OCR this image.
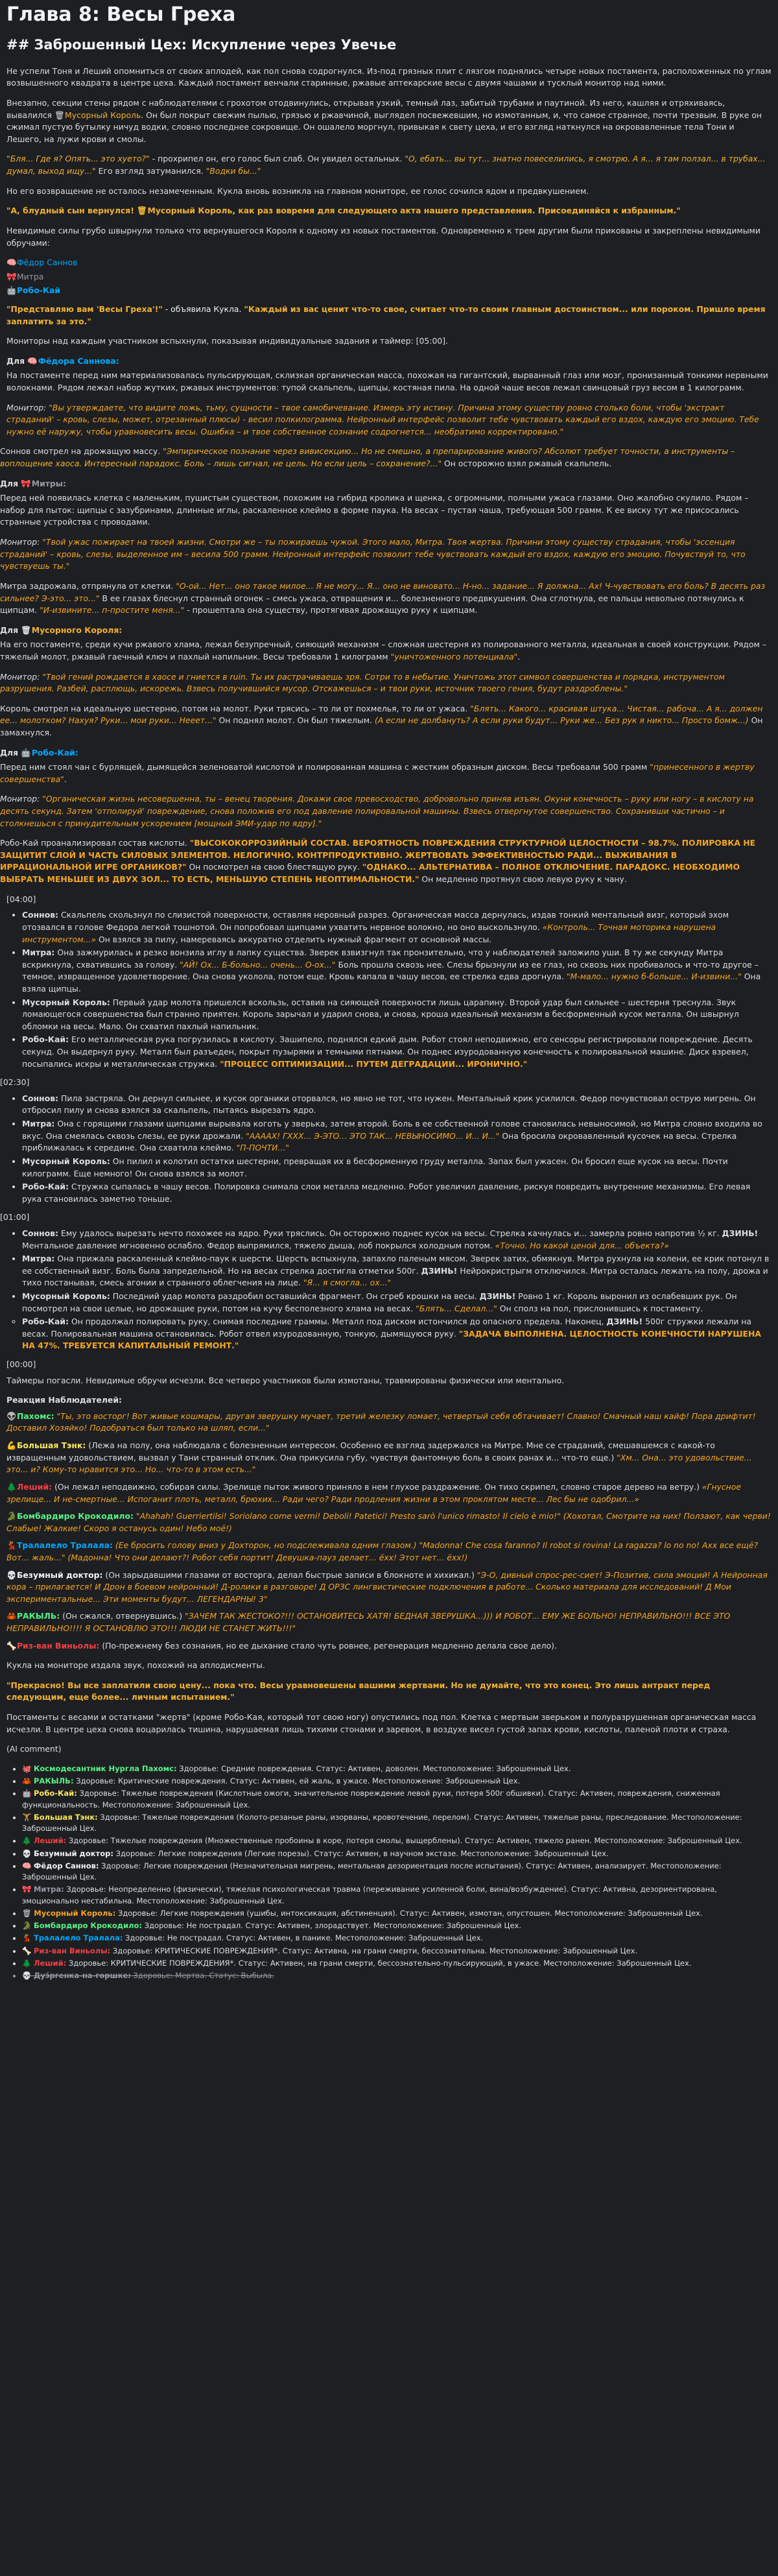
Глава 8: Весы Греха
## Заброшенный Цех: Искупление через Увечье

Не успели Тоня и Леший опомниться от своих аплодей, как пол снова содрогнулся. Из-под грязных плит с лязгом поднялись четыре новых постамента, расположенных по углам возвышенного квадрата в центре цеха. Каждый постамент венчали старинные, ржавые аптекарские весы с двумя чашами и тусклый монитор над ними.

Внезапно, секции стены рядом с наблюдателями с грохотом отодвинулись, открывая узкий, темный лаз, забитый трубами и паутиной. Из него, кашляя и отряхиваясь, вывалился 🗑 Мусорный Король. Он был покрыт свежим пылью, грязью и ржавчиной, выглядел посвежевшим, но измотанным, и, что самое странное, почти трезвым. В руке он сжимал пустую бутылку ничуд водки, словно последнее сокровище. Он ошалело моргнул, привыкая к свету цеха, и его взгляд наткнулся на окровавленные тела Тони и Лешего, на лужи крови и смолы.

"Бля... Где я? Опять... это хуето?" - прохрипел он, его голос был слаб. Он увидел остальных. "О, ебать... вы тут... знатно повеселились, я смотрю. А я... я там ползал... в трубах... думал, выход ищу..." Его взгляд затуманился. "Водки бы..."

Но его возвращение не осталось незамеченным. Кукла вновь возникла на главном мониторе, ее голос сочился ядом и предвкушением.

"А, блудный сын вернулся! 🗑 Мусорный Король, как раз вовремя для следующего акта нашего представления. Присоединяйся к избранным."

Невидимые силы грубо швырнули только что вернувшегося Короля к одному из новых постаментов. Одновременно к трем другим были прикованы и закреплены невидимыми обручами:

🧠 Фёдор Саннов
🎀 Митра
🤖 Робо-Кай

"Представляю вам 'Весы Греха'!" - объявила Кукла. "Каждый из вас ценит что-то свое, считает что-то своим главным достоинством... или пороком. Пришло время заплатить за это."

Мониторы над каждым участником вспыхнули, показывая индивидуальные задания и таймер: [05:00].

Для 🧠 Фёдора Саннова:

На постаменте перед ним материализовалась пульсирующая, склизкая органическая масса, похожая на гигантский, вырванный глаз или мозг, пронизанный тонкими нервными волокнами. Рядом лежал набор жутких, ржавых инструментов: тупой скальпель, щипцы, костяная пила. На одной чаше весов лежал свинцовый груз весом в 1 килограмм.

Монитор: "Вы утверждаете, что видите ложь, тьму, сущности – твое самобичевание. Измерь эту истину. Причина этому существу ровно столько боли, чтобы 'экстракт страданий' – кровь, слезы, может, отрезанный плюсы) - весил полкилограмма. Нейронный интерфейс позволит тебе чувствовать каждый его вздох, каждую его эмоцию. Тебе нужно её наружу, чтобы уравновесить весы. Ошибка – и твое собственное сознание содрогнется... необратимо корректировано."

Соннов смотрел на дрожащую массу. "Эмпирическое познание через вивисекцию... Но не смешно, а препарирование живого? Абсолют требует точности, а инструменты – воплощение хаоса. Интересный парадокс. Боль – лишь сигнал, не цель. Но если цель – сохранение?..." Он осторожно взял ржавый скальпель.

Для 🎀 Митры:

Перед ней появилась клетка с маленьким, пушистым существом, похожим на гибрид кролика и щенка, с огромными, полными ужаса глазами. Оно жалобно скулило. Рядом – набор для пыток: щипцы с зазубринами, длинные иглы, раскаленное клеймо в форме паука. На весах – пустая чаша, требующая 500 грамм. К ее виску тут же присосались странные устройства с проводами.

Монитор: "Твой ужас пожирает на твоей жизни. Смотри же – ты пожираешь чужой. Этого мало, Митра. Твоя жертва. Причини этому существу страдания, чтобы 'эссенция страданий' – кровь, слезы, выделенное им – весила 500 грамм. Нейронный интерфейс позволит тебе чувствовать каждый его вздох, каждую его эмоцию. Почувствуй то, что чувствуешь ты."

Митра задрожала, отпрянула от клетки. "О-ой... Нет... оно такое милое... Я не могу... Я... оно не виновато... Н-но... задание... Я должна... Ах! Ч-чувствовать его боль? В десять раз сильнее? Э-это... это..." В ее глазах блеснул странный огонек – смесь ужаса, отвращения и... болезненного предвкушения. Она сглотнула, ее пальцы невольно потянулись к щипцам. "И-извините... п-простите меня..." - прошептала она существу, протягивая дрожащую руку к щипцам.

Для 🗑 Мусорного Короля:

На его постаменте, среди кучи ржавого хлама, лежал безупречный, сияющий механизм – сложная шестерня из полированного металла, идеальная в своей конструкции. Рядом – тяжелый молот, ржавый гаечный ключ и пахлый напильник. Весы требовали 1 килограмм "уничтоженного потенциала".

Монитор: "Твой гений рождается в хаосе и гниется в ruin. Ты их растрачиваешь зря. Сотри то в небытие. Уничтожь этот символ совершенства и порядка, инструментом разрушения. Разбей, расплющь, искорежь. Взвесь получившийся мусор. Отскажешься – и твои руки, источник твоего гения, будут раздроблены."

Король смотрел на идеальную шестерню, потом на молот. Руки трясись – то ли от похмелья, то ли от ужаса. "Блять... Какого... красивая штука... Чистая... рабоча... А я... должен ее... молотком? Нахуя? Руки... мои руки... Нееет..." Он поднял молот. Он был тяжелым. (А если не долбануть? А если руки будут... Руки же... Без рук я никто... Просто бомж...) Он замахнулся.

Для 🤖 Робо-Кай:

Перед ним стоял чан с бурлящей, дымящейся зеленоватой кислотой и полированная машина с жестким образным диском. Весы требовали 500 грамм "принесенного в жертву совершенства".

Монитор: "Органическая жизнь несовершенна, ты – венец творения. Докажи свое превосходство, добровольно приняв изъян. Окуни конечность – руку или ногу – в кислоту на десять секунд. Затем 'отполируй' повреждение, снова положив его под давление полировальной машины. Взвесь отвергнутое совершенство. Сохранивши частично – и столкнешься с принудительным ускорением [мощный ЭМИ-удар по ядру]."

Робо-Кай проанализировал состав кислоты. "ВЫСОКОКОРРОЗИЙНЫЙ СОСТАВ. ВЕРОЯТНОСТЬ ПОВРЕЖДЕНИЯ СТРУКТУРНОЙ ЦЕЛОСТНОСТИ – 98.7%. ПОЛИРОВКА НЕ ЗАЩИТИТ СЛОЙ И ЧАСТЬ СИЛОВЫХ ЭЛЕМЕНТОВ. НЕЛОГИЧНО. КОНТРПРОДУКТИВНО. ЖЕРТВОВАТЬ ЭФФЕКТИВНОСТЬЮ РАДИ... ВЫЖИВАНИЯ В ИРРАЦИОНАЛЬНОЙ ИГРЕ ОРГАНИКОВ?" Он посмотрел на свою блестящую руку. "ОДНАКО... АЛЬТЕРНАТИВА – ПОЛНОЕ ОТКЛЮЧЕНИЕ. ПАРАДОКС. НЕОБХОДИМО ВЫБРАТЬ МЕНЬШЕЕ ИЗ ДВУХ ЗОЛ... ТО ЕСТЬ, МЕНЬШУЮ СТЕПЕНЬ НЕОПТИМАЛЬНОСТИ." Он медленно протянул свою левую руку к чану.

[04:00]
• Соннов: Скальпель скользнул по слизистой поверхности, оставляя неровный разрез. Органическая масса дернулась, издав тонкий ментальный визг, который эхом отозвался в голове Федора легкой тошнотой. Он попробовал щипцами ухватить нервное волокно, но оно выскользнуло. «Контроль... Точная моторика нарушена инструментом...» Он взялся за пилу, намереваясь аккуратно отделить нужный фрагмент от основной массы.
• Митра: Она зажмурилась и резко вонзила иглу в лапку существа. Зверек взвизгнул так пронзительно, что у наблюдателей заложило уши. В ту же секунду Митра вскрикнула, схватившись за голову. "АЙ! Ох... Б-больно... очень... О-ох..." Боль прошла сквозь нее. Слезы брызнули из ее глаз, но сквозь них пробивалось и что-то другое – темное, извращенное удовлетворение. Она снова уколола, потом еще. Кровь капала в чашу весов, ее стрелка едва дрогнула. "М-мало... нужно б-больше... И-извини..." Она взяла щипцы.
• Мусорный Король: Первый удар молота пришелся вскользь, оставив на сияющей поверхности лишь царапину. Второй удар был сильнее – шестерня треснула. Звук ломающегося совершенства был странно приятен. Король зарычал и ударил снова, и снова, кроша идеальный механизм в бесформенный кусок металла. Он швырнул обломки на весы. Мало. Он схватил пахлый напильник.
• Робо-Кай: Его металлическая рука погрузилась в кислоту. Зашипело, поднялся едкий дым. Робот стоял неподвижно, его сенсоры регистрировали повреждение. Десять секунд. Он выдернул руку. Металл был разъеден, покрыт пузырями и темными пятнами. Он поднес изуродованную конечность к полировальной машине. Диск взревел, посыпались искры и металлическая стружка. "ПРОЦЕСС ОПТИМИЗАЦИИ... ПУТЕМ ДЕГРАДАЦИИ... ИРОНИЧНО."
[02:30]
• Соннов: Пила застряла. Он дернул сильнее, и кусок органики оторвался, но явно не тот, что нужен. Ментальный крик усилился. Федор почувствовал острую мигрень. Он отбросил пилу и снова взялся за скальпель, пытаясь вырезать ядро.
• Митра: Она с горящими глазами щипцами вырывала коготь у зверька, затем второй. Боль в ее собственной голове становилась невыносимой, но Митра словно входила во вкус. Она смеялась сквозь слезы, ее руки дрожали. "ААААХ! ГХХХ... Э-ЭТО... ЭТО ТАК... НЕВЫНОСИМО... И... И..." Она бросила окровавленный кусочек на весы. Стрелка приближалась к середине. Она схватила клеймо. "П-ПОЧТИ..."
• Мусорный Король: Он пилил и колотил остатки шестерни, превращая их в бесформенную груду металла. Запах был ужасен. Он бросил еще кусок на весы. Почти килограмм. Еще немного! Он снова взялся за молот.
• Робо-Кай: Стружка сыпалась в чашу весов. Полировка снимала слои металла медленно. Робот увеличил давление, рискуя повредить внутренние механизмы. Его левая рука становилась заметно тоньше.
[01:00]
• Соннов: Ему удалось вырезать нечто похожее на ядро. Руки тряслись. Он осторожно поднес кусок на весы. Стрелка качнулась и... замерла ровно напротив ½ кг. ДЗИНЬ! Ментальное давление мгновенно ослабло. Федор выпрямился, тяжело дыша, лоб покрылся холодным потом. «Точно. Но какой ценой для... объекта?»
• Митра: Она прижала раскаленный клеймо-паук к шерсти. Шерсть вспыхнула, запахло паленым мясом. Зверек затих, обмякнув. Митра рухнула на колени, ее крик потонул в ее собственный визг. Боль была запредельной. Но на весах стрелка достигла отметки 500г. ДЗИНЬ! Нейрокристрыгм отключился. Митра осталась лежать на полу, дрожа и тихо постанывая, смесь агонии и странного облегчения на лице. "Я... я смогла... ох..."
• Мусорный Король: Последний удар молота раздробил оставшийся фрагмент. Он сгреб крошки на весы. ДЗИНЬ! Ровно 1 кг. Король выронил из ослабевших рук. Он посмотрел на свои целые, но дрожащие руки, потом на кучу бесполезного хлама на весах. "Блять... Сделал..." Он сполз на пол, прислонившись к постаменту.
◦ Робо-Кай: Он продолжал полировать руку, снимая последние граммы. Металл под диском истончился до опасного предела. Наконец, ДЗИНЬ! 500г стружки лежали на весах. Полировальная машина остановилась. Робот отвел изуродованную, тонкую, дымящуюся руку. "ЗАДАЧА ВЫПОЛНЕНА. ЦЕЛОСТНОСТЬ КОНЕЧНОСТИ НАРУШЕНА НА 47%. ТРЕБУЕТСЯ КАПИТАЛЬНЫЙ РЕМОНТ."
[00:00]

Таймеры погасли. Невидимые обручи исчезли. Все четверо участников были измотаны, травмированы физически или ментально.

Реакция Наблюдателей:

👽 Пахомс: "Ты, это восторг! Вот живые кошмары, другая зверушку мучает, третий железку ломает, четвертый себя обтачивает! Славно! Смачный наш кайф! Пора дрифтит! Доставил Хозяйко! Подобраться был только на шляп, если..."

💪 Большая Тэнк: (Лежа на полу, она наблюдала с болезненным интересом. Особенно ее взгляд задержался на Митре. Мне се страданий, смешавшемся с какой-то извращенным удовольствием, вызвал у Тани странный отклик. Она прикусила губу, чувствуя фантомную боль в своих ранах и... что-то еще.) "Хм... Она... это удовольствие... это... и? Кому-то нравится это... Но... что-то в этом есть..."

🌲 Леший: (Он лежал неподвижно, собирая силы. Зрелище пыток живого приняло в нем глухое раздражение. Он тихо скрипел, словно старое дерево на ветру.) «Гнусное зрелище... И не-смертные... Испоганит плоть, металл, брюхих... Ради чего? Ради продления жизни в этом проклятом месте... Лес бы не одобрил...»

🐊 Бомбардиро Крокодило: "Ahahah! Guerriertilsi! Soriolano come vermi! Deboli! Patetici! Presto sarò l'unico rimasto! Il cielo è mio!" (Хохотал, Смотрите на них! Ползают, как черви! Слабые! Жалкие! Скоро я останусь один! Небо моё!)

💃 Тралалело Тралала: (Ее бросить голову вниз у Дохторон, но подслеживала одним глазом.) "Madonna! Che cosa faranno? Il robot si rovina! La ragazza? lo no no! Ахх все ещё? Вот... жаль..." (Мадонна! Что они делают?! Робот себя портит! Девушка-пауз делает... ёхх! Этот нет... ёхх!)

💀 Безумный доктор: (Он зарыдавшими глазами от восторга, делал быстрые записи в блокноте и хихикал.) "Э-О, дивный спрос-рес-сиет! Э-Позитив, сила эмоций! А Нейронная кора – прилагается! И Дрон в боевом нейронный! Д-ролики в разговоре! Д ОРЗС лингвистические подключения в работе... Сколько материала для исследований! Д Мои экспериментальные... Эти моменты будут... ЛЕГЕНДАРНЫ! 3"

🦀 РАКЫЛЬ: (Он сжался, отвернувшись.) "ЗАЧЕМ ТАК ЖЕСТОКО?!!! ОСТАНОВИТЕСЬ ХАТЯ! БЕДНАЯ ЗВЕРУШКА...))) И РОБОТ... ЕМУ ЖЕ БОЛЬНО! НЕПРАВИЛЬНО!!! ВСЕ ЭТО НЕПРАВИЛЬНО!!!! Я ОСТАНОВЛЮ ЭТО!!! ЛЮДИ НЕ СТАНЕТ ЖИТЬ!!!"

🦴 Риз-ван Виньолы: (По-прежнему без сознания, но ее дыхание стало чуть ровнее, регенерация медленно делала свое дело).

Кукла на мониторе издала звук, похожий на аплодисменты.

"Прекрасно! Вы все заплатили свою цену... пока что. Весы уравновешены вашими жертвами. Но не думайте, что это конец. Это лишь антракт перед следующим, еще более... личным испытанием."

Постаменты с весами и остатками "жертв" (кроме Робо-Кая, который тот свою ногу) опустились под пол. Клетка с мертвым зверьком и полуразрушенная органическая масса исчезли. В центре цеха снова воцарилась тишина, нарушаемая лишь тихими стонами и заревом, в воздухе висел густой запах крови, кислоты, паленой плоти и страха.

(AI comment)

• 🐙 Космодесантник Нургла Пахомс: Здоровье: Средние повреждения. Статус: Активен, доволен. Местоположение: Заброшенный Цех.
• 🦀 РАКЫЛЬ: Здоровье: Критические повреждения. Статус: Активен, ей жаль, в ужасе. Местоположение: Заброшенный Цех.
• 🤖 Робо-Кай: Здоровье: Тяжелые повреждения (Кислотные ожоги, значительное повреждение левой руки, потеря 500г обшивки). Статус: Активен, повреждения, сниженная функциональность. Местоположение: Заброшенный Цех.
• 🏋 Большая Тэнк: Здоровье: Тяжелые повреждения (Колото-резаные раны, изорваны, кровотечение, перелом). Статус: Активен, тяжелые раны, преследование. Местоположение: Заброшенный Цех.
• 🌲 Леший: Здоровье: Тяжелые повреждения (Множественные пробоины в коре, потеря смолы, выщерблены). Статус: Активен, тяжело ранен. Местоположение: Заброшенный Цех.
• 💀 Безумный доктор: Здоровье: Легкие повреждения (Легкие порезы). Статус: Активен, в научном экстазе. Местоположение: Заброшенный Цех.
• 🧠 Фёдор Саннов: Здоровье: Легкие повреждения (Незначительная мигрень, ментальная дезориентация после испытания). Статус: Активен, анализирует. Местоположение: Заброшенный Цех.
• 🎀 Митра: Здоровье: Неопределенно (физически), тяжелая психологическая травма (переживание усиленной боли, вина/возбуждение). Статус: Активна, дезориентирована, эмоционально нестабильна. Местоположение: Заброшенный Цех.
• 🗑 Мусорный Король: Здоровье: Легкие повреждения (ушибы, интоксикация, абстиненция). Статус: Активен, измотан, опустошен. Местоположение: Заброшенный Цех.
• 🐊 Бомбардиро Крокодило: Здоровье: Не пострадал. Статус: Активен, злорадствует. Местоположение: Заброшенный Цех.
• 💃 Тралалело Тралала: Здоровье: Не пострадал. Статус: Активен, в панике. Местоположение: Заброшенный Цех.
• 🦴 Риз-ван Виньолы: Здоровье: КРИТИЧЕСКИЕ ПОВРЕЖДЕНИЯ*. Статус: Активна, на грани смерти, бессознательна. Местоположение: Заброшенный Цех.
• 🌲 Леший: Здоровье: КРИТИЧЕСКИЕ ПОВРЕЖДЕНИЯ*. Статус: Активен, на грани смерти, бессознательно-пульсирующий, в ужасе. Местоположение: Заброшенный Цех.
• 💀 Дуэ́ргенка-на-горшке: Здоровье: Мертва. Статус: Выбыла.
